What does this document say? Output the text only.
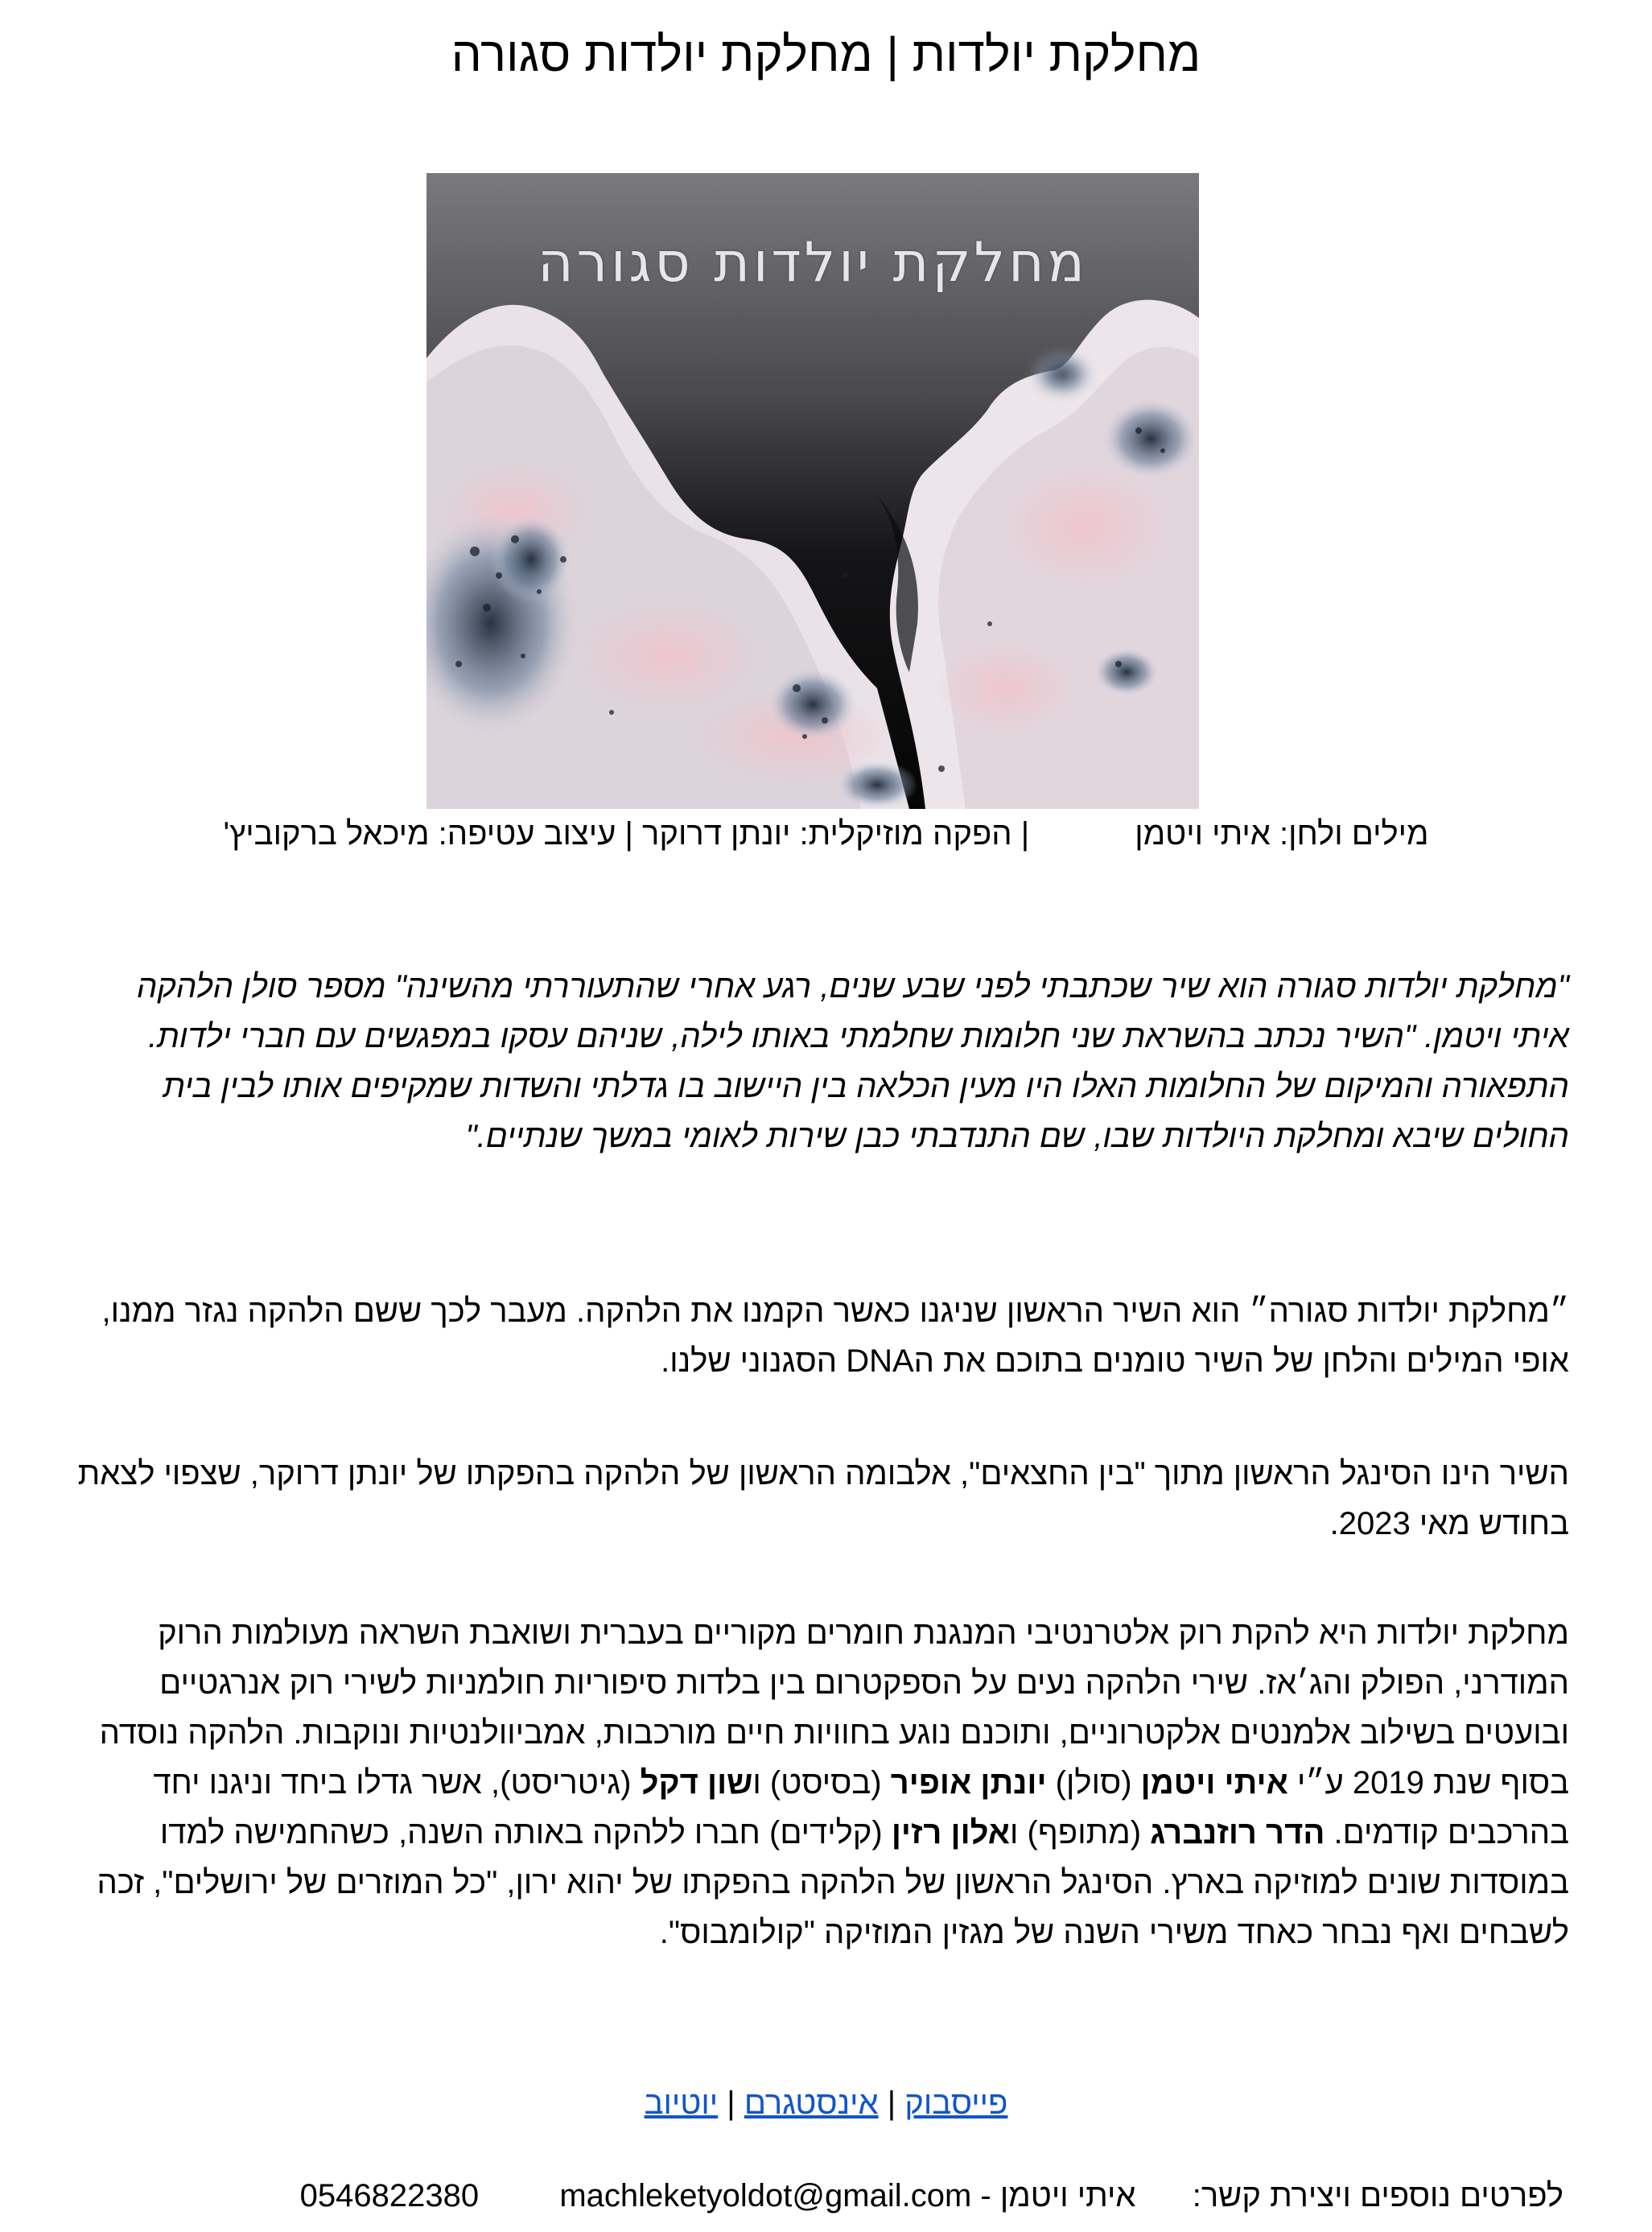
מחלקת יולדות | מחלקת יולדות סגורה
מחלקת יולדות סגורה
מילים ולחן: איתי ויטמן | הפקה מוזיקלית: יונתן דרוקר | עיצוב עטיפה: מיכאל ברקוביץ'

"מחלקת יולדות סגורה הוא שיר שכתבתי לפני שבע שנים, רגע אחרי שהתעוררתי מהשינה" מספר סולן הלהקה איתי ויטמן. "השיר נכתב בהשראת שני חלומות שחלמתי באותו לילה, שניהם עסקו במפגשים עם חברי ילדות. התפאורה והמיקום של החלומות האלו היו מעין הכלאה בין היישוב בו גדלתי והשדות שמקיפים אותו לבין בית החולים שיבא ומחלקת היולדות שבו, שם התנדבתי כבן שירות לאומי במשך שנתיים."

״מחלקת יולדות סגורה״ הוא השיר הראשון שניגנו כאשר הקמנו את הלהקה. מעבר לכך ששם הלהקה נגזר ממנו, אופי המילים והלחן של השיר טומנים בתוכם את הDNA הסגנוני שלנו.

השיר הינו הסינגל הראשון מתוך "בין החצאים", אלבומה הראשון של הלהקה בהפקתו של יונתן דרוקר, שצפוי לצאת בחודש מאי 2023.

מחלקת יולדות היא להקת רוק אלטרנטיבי המנגנת חומרים מקוריים בעברית ושואבת השראה מעולמות הרוק המודרני, הפולק והג׳אז. שירי הלהקה נעים על הספקטרום בין בלדות סיפוריות חולמניות לשירי רוק אנרגטיים ובועטים בשילוב אלמנטים אלקטרוניים, ותוכנם נוגע בחוויות חיים מורכבות, אמביוולנטיות ונוקבות. הלהקה נוסדה בסוף שנת 2019 ע״י איתי ויטמן (סולן) יונתן אופיר (בסיסט) ושון דקל (גיטריסט), אשר גדלו ביחד וניגנו יחד בהרכבים קודמים. הדר רוזנברג (מתופף) ואלון רזין (קלידים) חברו ללהקה באותה השנה, כשהחמישה למדו במוסדות שונים למוזיקה בארץ. הסינגל הראשון של הלהקה בהפקתו של יהוא ירון, "כל המוזרים של ירושלים", זכה לשבחים ואף נבחר כאחד משירי השנה של מגזין המוזיקה "קולומבוס".

פייסבוק | אינסטגרם | יוטיוב
לפרטים נוספים ויצירת קשר:  איתי ויטמן - 0546822380	machleketyoldot@gmail.com
